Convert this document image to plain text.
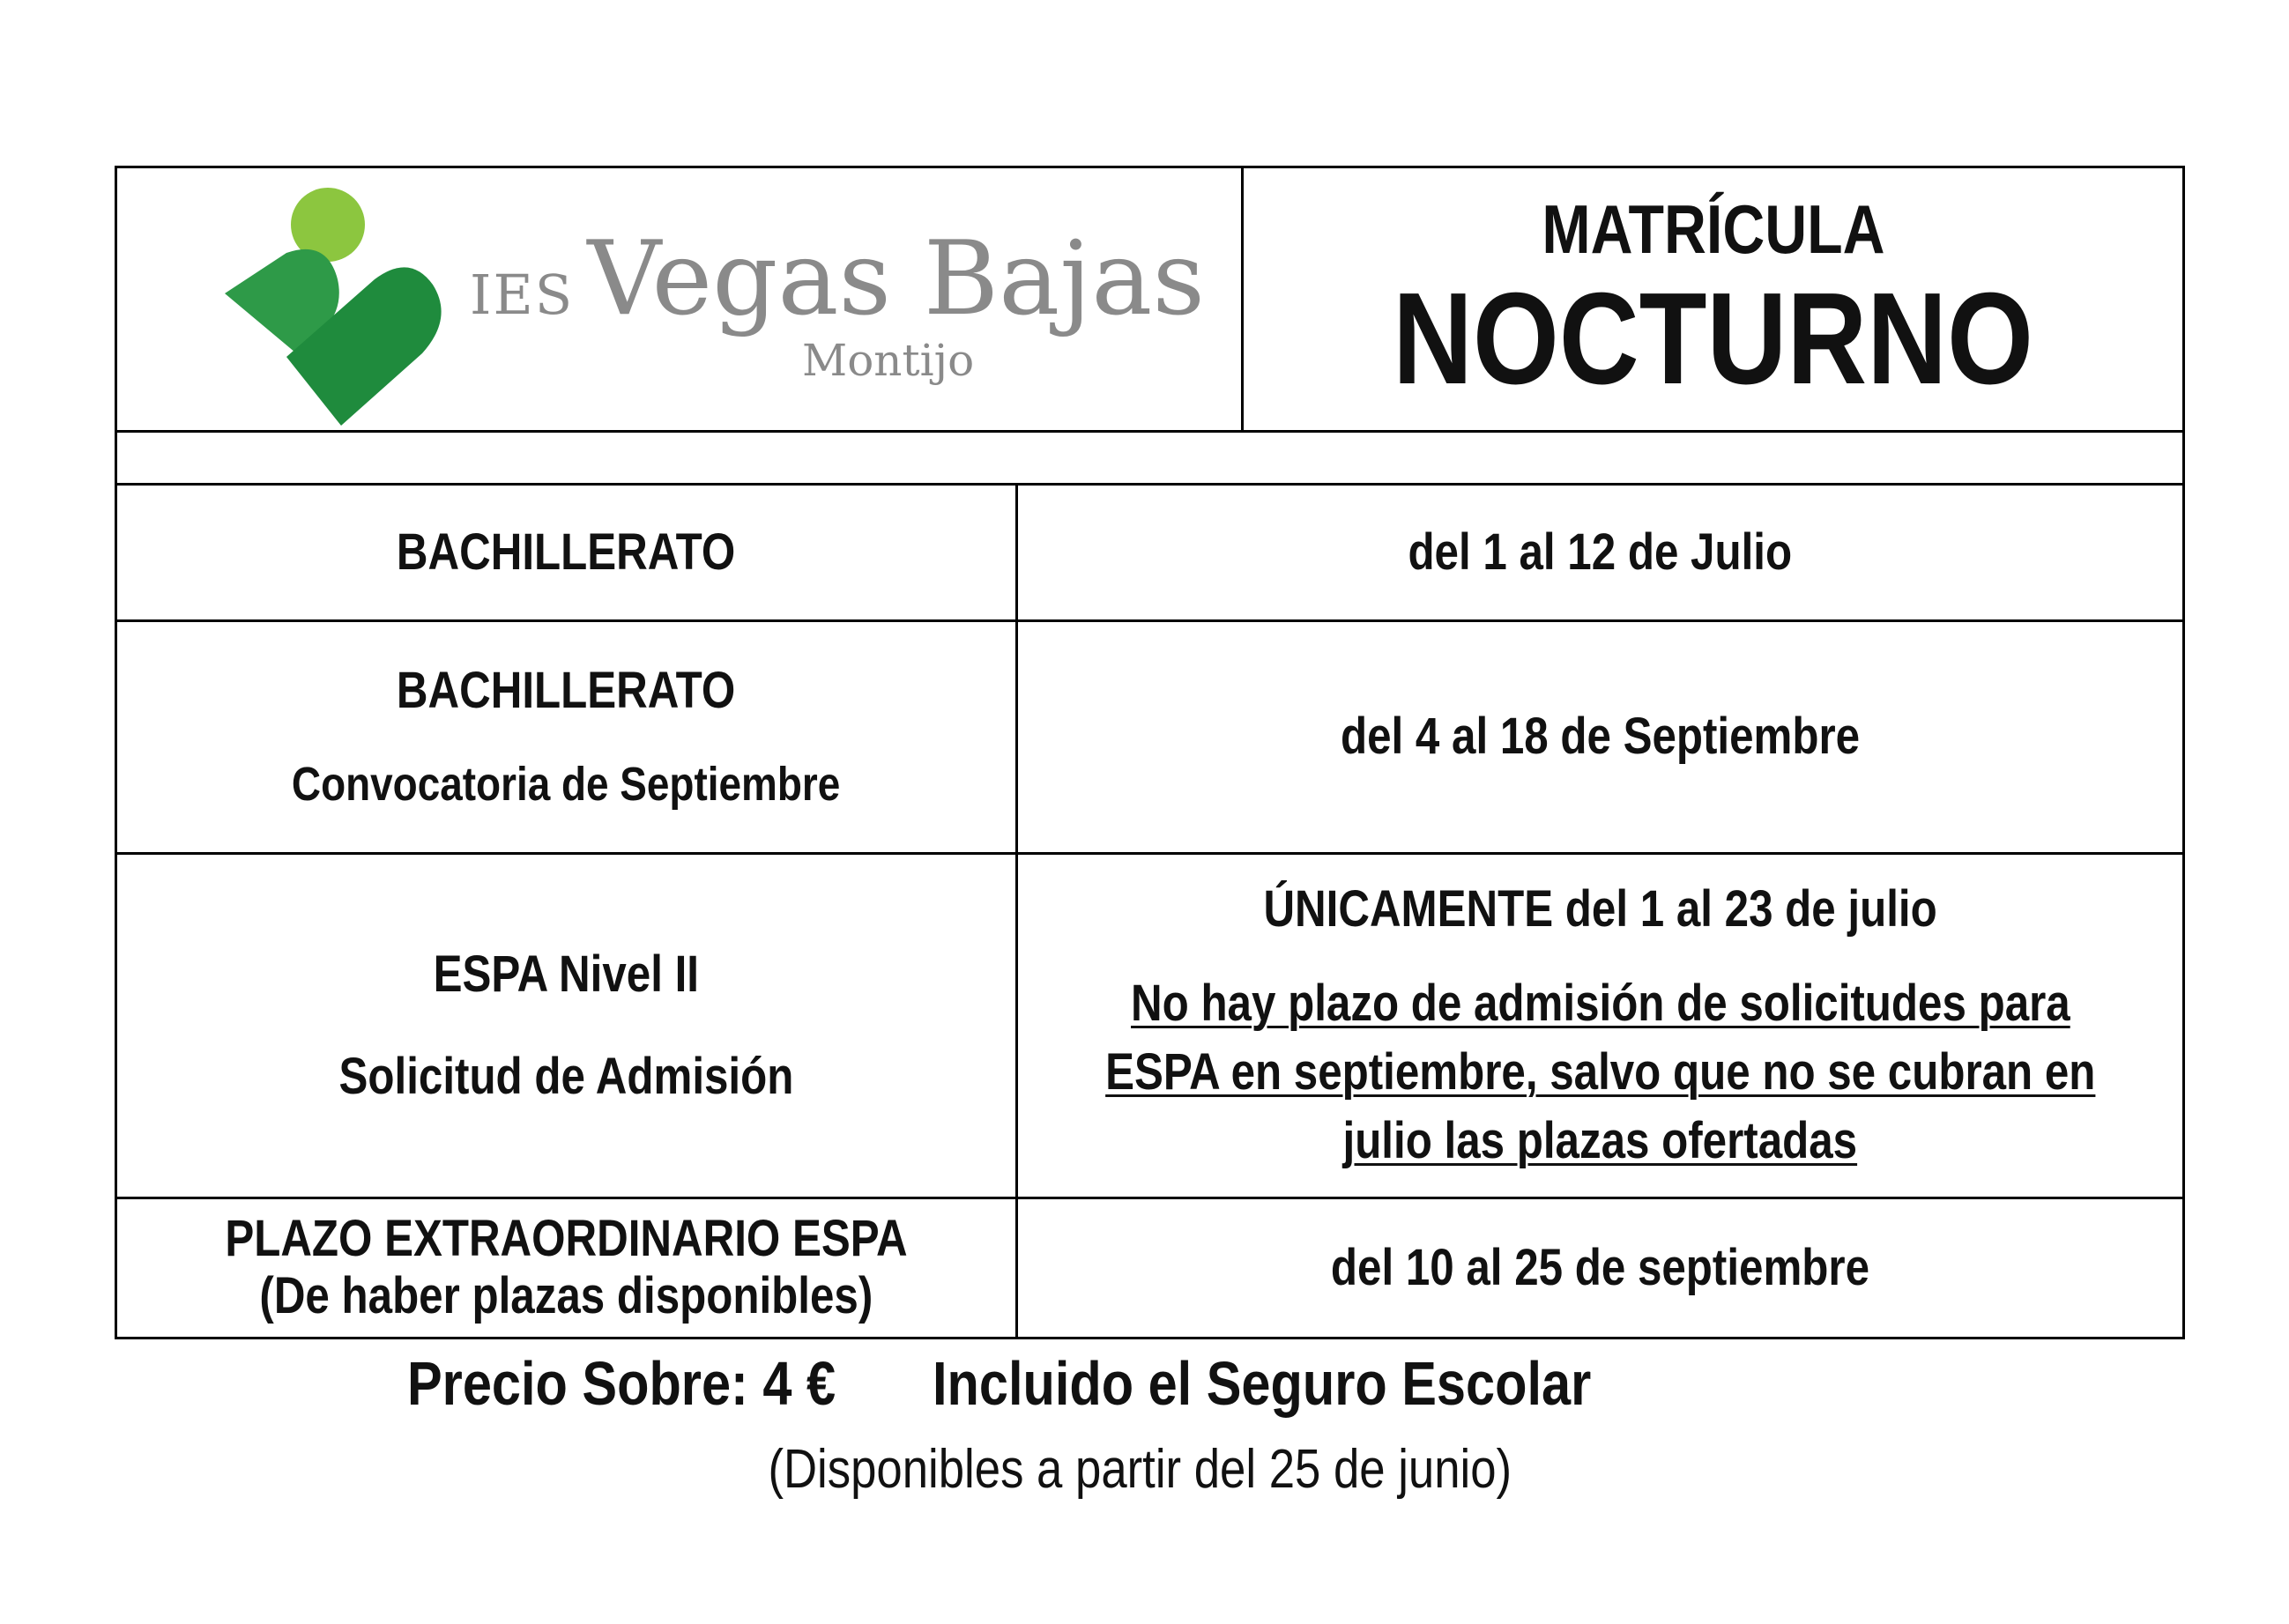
IES Vegas Bajas
Montijo
MATRÍCULA
NOCTURNO
BACHILLERATO	del 1 al 12 de Julio
BACHILLERATO
Convocatoria de Septiembre
del 4 al 18 de Septiembre
ESPA Nivel II
Solicitud de Admisión
ÚNICAMENTE del 1 al 23 de julio
No hay plazo de admisión de solicitudes para
ESPA en septiembre, salvo que no se cubran en
julio las plazas ofertadas
PLAZO EXTRAORDINARIO ESPA
(De haber plazas disponibles)	del 10 al 25 de septiembre
Precio Sobre: 4 € Incluido el Seguro Escolar
(Disponibles a partir del 25 de junio)
